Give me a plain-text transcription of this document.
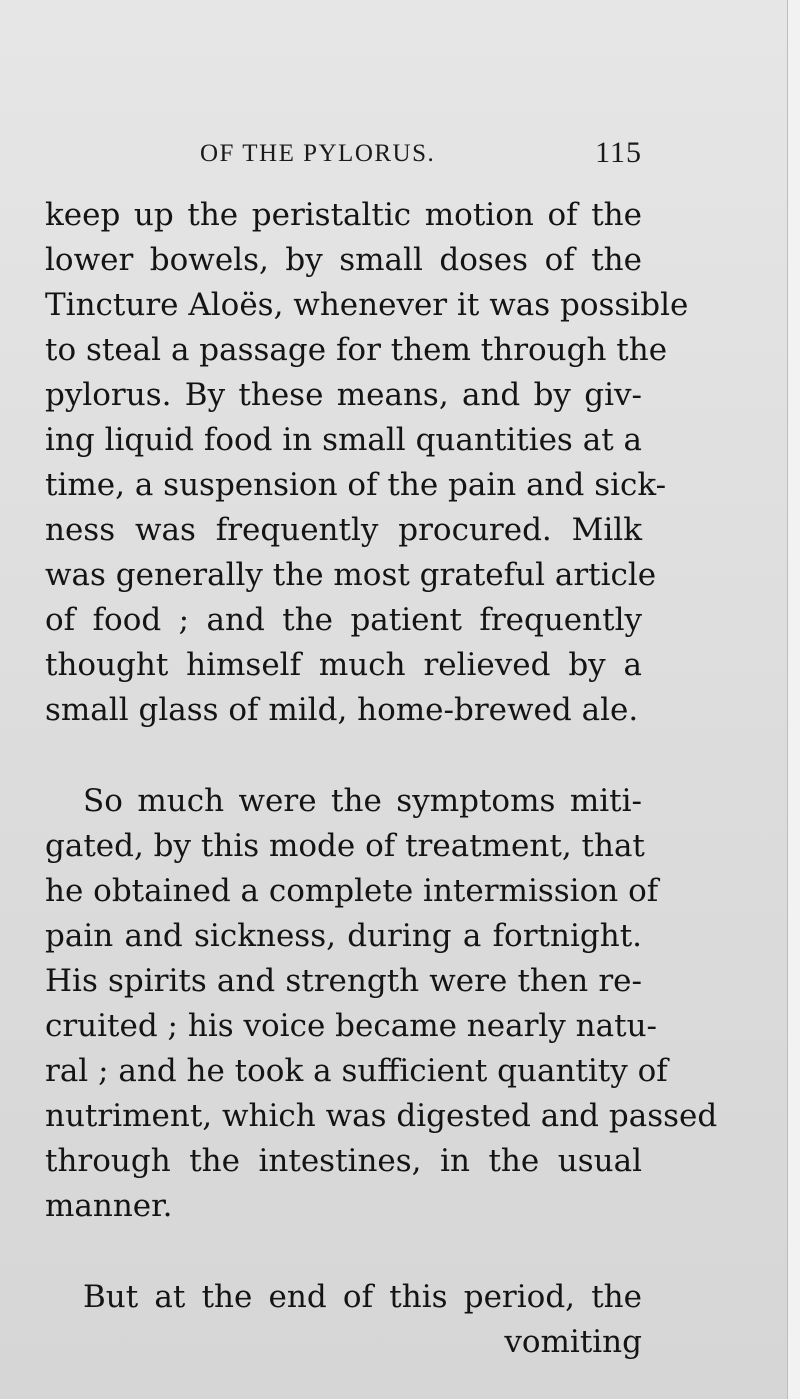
OF THE PYLORUS.	115
keep up the peristaltic motion of the
lower bowels, by small doses of the
Tincture Aloës, whenever it was possible
to steal a passage for them through the
pylorus. By these means, and by giv-
ing liquid food in small quantities at a
time, a suspension of the pain and sick-
ness was frequently procured. Milk
was generally the most grateful article
of food ; and the patient frequently
thought himself much relieved by a
small glass of mild, home-brewed ale.
So much were the symptoms miti-
gated, by this mode of treatment, that
he obtained a complete intermission of
pain and sickness, during a fortnight.
His spirits and strength were then re-
cruited ; his voice became nearly natu-
ral ; and he took a sufficient quantity of
nutriment, which was digested and passed
through the intestines, in the usual
manner.
But at the end of this period, the
vomiting
